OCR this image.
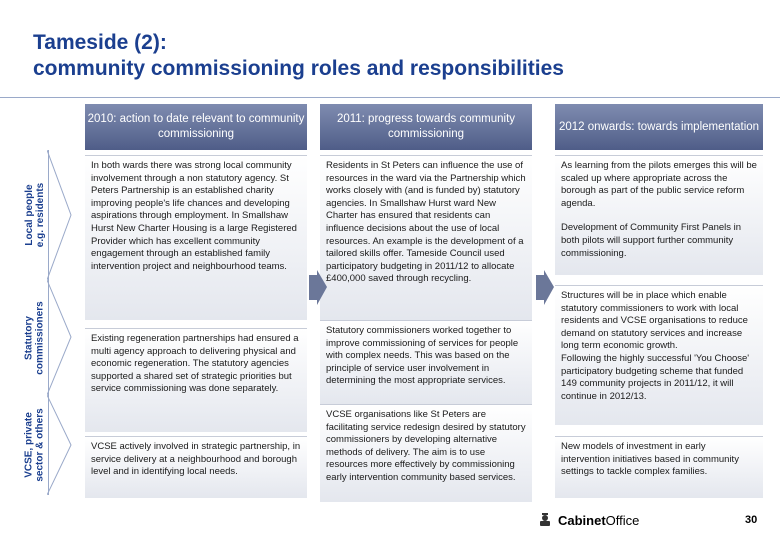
Tameside (2):
community commissioning roles and responsibilities
Local people
e.g. residents
Statutory
commissioners
VCSE, private
sector & others
2010: action to date relevant to community commissioning
2011: progress towards community commissioning
2012 onwards: towards implementation

In both wards there was strong local community involvement through a non statutory agency. St Peters Partnership is an established charity improving people's life chances and developing aspirations through employment. In Smallshaw Hurst New Charter Housing is a large Registered Provider which has excellent community engagement through an established family intervention project and neighbourhood teams.

Existing regeneration partnerships had ensured a multi agency approach to delivering physical and economic regeneration. The statutory agencies supported a shared set of strategic priorities but service commissioning was done separately.

VCSE actively involved in strategic partnership, in service delivery at a neighbourhood and borough level and in identifying local needs.

Residents in St Peters can influence the use of resources in the ward via the Partnership which works closely with (and is funded by) statutory agencies. In Smallshaw Hurst ward New Charter has ensured that residents can influence decisions about the use of local resources. An example is the development of a tailored skills offer. Tameside Council used participatory budgeting in 2011/12 to allocate £400,000 saved through recycling.

Statutory commissioners worked together to improve commissioning of services for people with complex needs. This was based on the principle of service user involvement in determining the most appropriate services.

VCSE organisations like St Peters are facilitating service redesign desired by statutory commissioners by developing alternative methods of delivery. The aim is to use resources more effectively by commissioning early intervention community based services.

As learning from the pilots emerges this will be scaled up where appropriate across the borough as part of the public service reform agenda.

Development of Community First Panels in both pilots will support further community commissioning.

Structures will be in place which enable statutory commissioners to work with local residents and VCSE organisations to reduce demand on statutory services and increase long term economic growth.

Following the highly successful 'You Choose' participatory budgeting scheme that funded 149 community projects in 2011/12, it will continue in 2012/13.

New models of investment in early intervention initiatives based in community settings to tackle complex families.

Cabinet Office	30
